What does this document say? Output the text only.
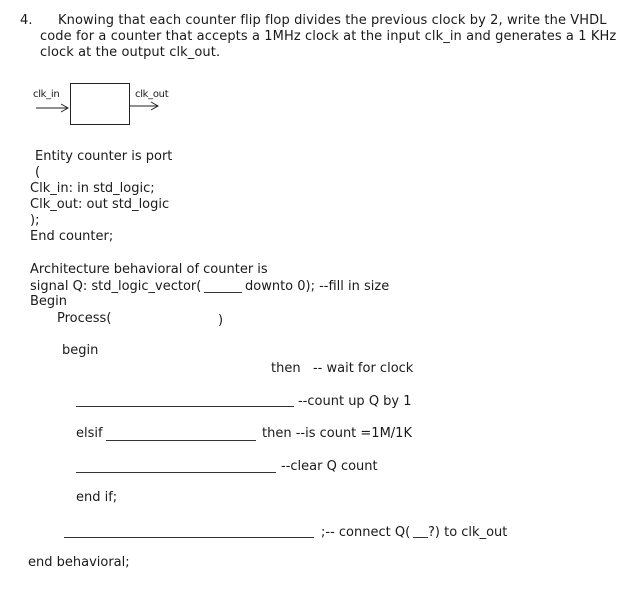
4. Knowing that each counter flip flop divides the previous clock by 2, write the VHDL
code for a counter that accepts a 1MHz clock at the input clk_in and generates a 1 KHz
clock at the output clk_out.
clk_in	clk_out
Entity counter is port
(
Clk_in: in std_logic;
Clk_out: out std_logic
);
End counter;
Architecture behavioral of counter is
signal Q: std_logic_vector(	downto 0); --fill in size
Begin
Process(	)
begin
then   -- wait for clock
--count up Q by 1
elsif	then --is count =1M/1K
--clear Q count
end if;
;-- connect Q( ?) to clk_out
end behavioral;
